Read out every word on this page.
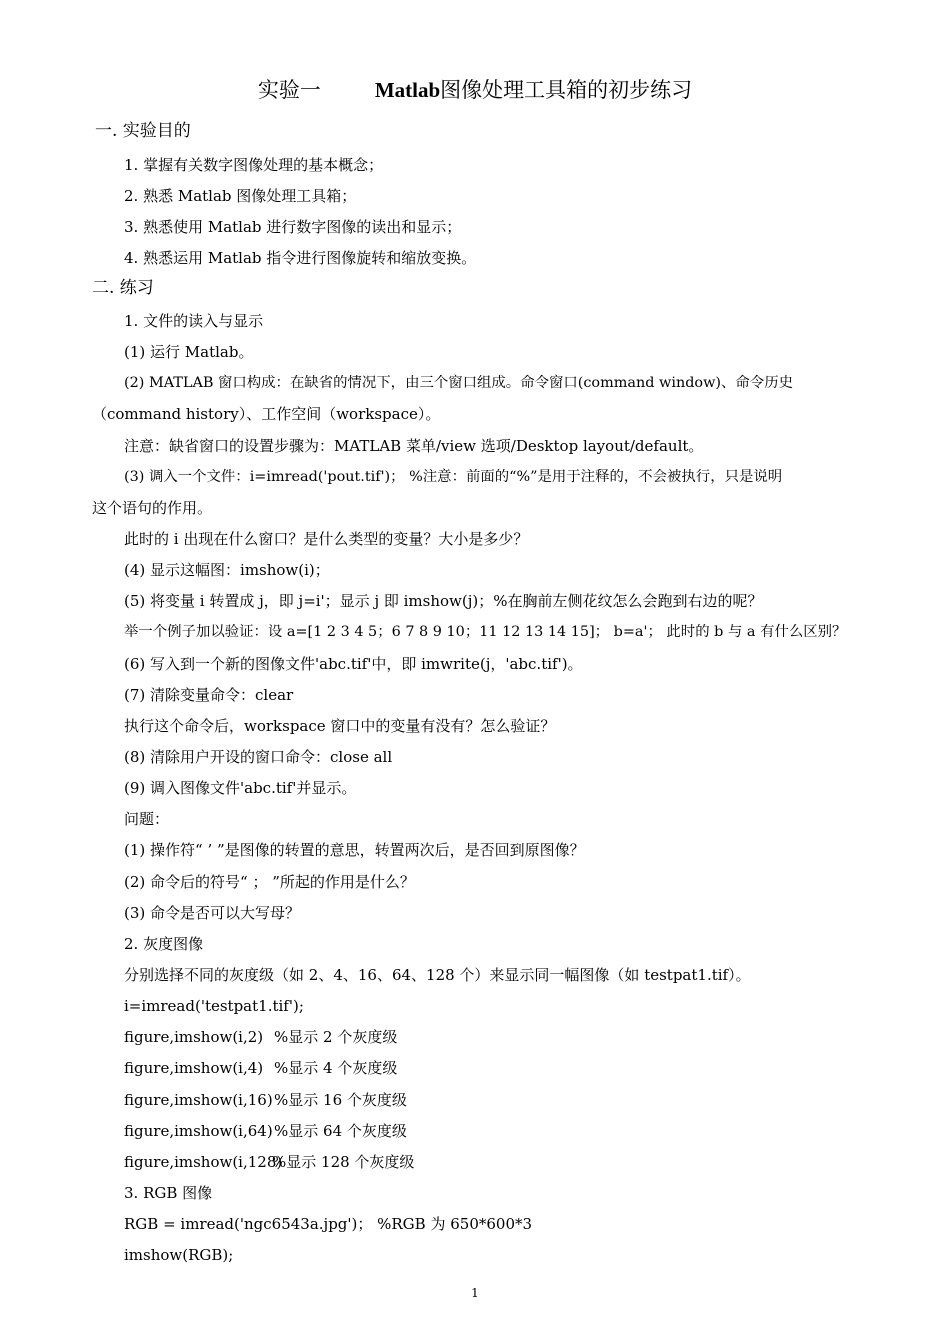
实验一	Matlab图像处理工具箱的初步练习
一. 实验目的
1. 掌握有关数字图像处理的基本概念；
2. 熟悉 Matlab 图像处理工具箱；
3. 熟悉使用 Matlab 进行数字图像的读出和显示；
4. 熟悉运用 Matlab 指令进行图像旋转和缩放变换。
二. 练习
1. 文件的读入与显示
(1) 运行 Matlab。
(2) MATLAB 窗口构成：在缺省的情况下，由三个窗口组成。命令窗口(command window)、命令历史
（command history）、工作空间（workspace）。
注意：缺省窗口的设置步骤为：MATLAB 菜单/view 选项/Desktop layout/default。
(3) 调入一个文件：i=imread('pout.tif')； %注意：前面的“%”是用于注释的，不会被执行，只是说明
这个语句的作用。
此时的 i 出现在什么窗口？是什么类型的变量？大小是多少？
(4) 显示这幅图：imshow(i)；
(5) 将变量 i 转置成 j，即 j=i'；显示 j 即 imshow(j)；%在胸前左侧花纹怎么会跑到右边的呢？
举一个例子加以验证：设 a=[1 2 3 4 5；6 7 8 9 10；11 12 13 14 15]； b=a'； 此时的 b 与 a 有什么区别？
(6) 写入到一个新的图像文件'abc.tif'中，即 imwrite(j，'abc.tif')。
(7) 清除变量命令：clear
执行这个命令后，workspace 窗口中的变量有没有？怎么验证？
(8) 清除用户开设的窗口命令：close all
(9) 调入图像文件'abc.tif'并显示。
问题：
(1) 操作符“ ’ ”是图像的转置的意思，转置两次后，是否回到原图像？
(2) 命令后的符号“ ； ”所起的作用是什么？
(3) 命令是否可以大写母？
2. 灰度图像
分别选择不同的灰度级（如 2、4、16、64、128 个）来显示同一幅图像（如 testpat1.tif）。
i=imread('testpat1.tif');
figure,imshow(i,2) %显示 2 个灰度级
figure,imshow(i,4) %显示 4 个灰度级
figure,imshow(i,16)%显示 16 个灰度级
figure,imshow(i,64)%显示 64 个灰度级
figure,imshow(i,128)%显示 128 个灰度级
3. RGB 图像
RGB = imread('ngc6543a.jpg')； %RGB 为 650*600*3
imshow(RGB);
1
